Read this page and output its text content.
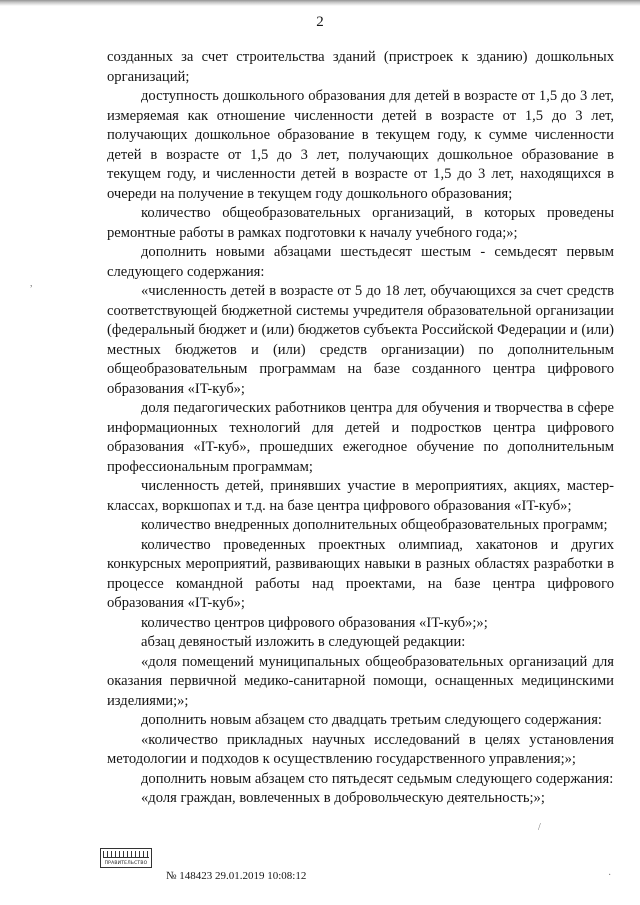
2

созданных за счет строительства зданий (пристроек к зданию) дошкольных организаций;

доступность дошкольного образования для детей в возрасте от 1,5 до 3 лет, измеряемая как отношение численности детей в возрасте от 1,5 до 3 лет, получающих дошкольное образование в текущем году, к сумме численности детей в возрасте от 1,5 до 3 лет, получающих дошкольное образование в текущем году, и численности детей в возрасте от 1,5 до 3 лет, находящихся в очереди на получение в текущем году дошкольного образования;

количество общеобразовательных организаций, в которых проведены ремонтные работы в рамках подготовки к началу учебного года;»;

дополнить новыми абзацами шестьдесят шестым - семьдесят первым следующего содержания:

«численность детей в возрасте от 5 до 18 лет, обучающихся за счет средств соответствующей бюджетной системы учредителя образовательной организации (федеральный бюджет и (или) бюджетов субъекта Российской Федерации и (или) местных бюджетов и (или) средств организации) по дополнительным общеобразовательным программам на базе созданного центра цифрового образования «IT-куб»;

доля педагогических работников центра для обучения и творчества в сфере информационных технологий для детей и подростков центра цифрового образования «IT-куб», прошедших ежегодное обучение по дополнительным профессиональным программам;

численность детей, принявших участие в мероприятиях, акциях, мастер-классах, воркшопах и т.д. на базе центра цифрового образования «IT-куб»;

количество внедренных дополнительных общеобразовательных программ;

количество проведенных проектных олимпиад, хакатонов и других конкурсных мероприятий, развивающих навыки в разных областях разработки в процессе командной работы над проектами, на базе центра цифрового образования «IT-куб»;

количество центров цифрового образования «IT-куб»;»;

абзац девяностый изложить в следующей редакции:

«доля помещений муниципальных общеобразовательных организаций для оказания первичной медико-санитарной помощи, оснащенных медицинскими изделиями;»;

дополнить новым абзацем сто двадцать третьим следующего содержания:

«количество прикладных научных исследований в целях установления методологии и подходов к осуществлению государственного управления;»;

дополнить новым абзацем сто пятьдесят седьмым следующего содержания:

«доля граждан, вовлеченных в добровольческую деятельность;»;

ПРАВИТЕЛЬСТВО
№ 148423 29.01.2019 10:08:12
,
/
·
